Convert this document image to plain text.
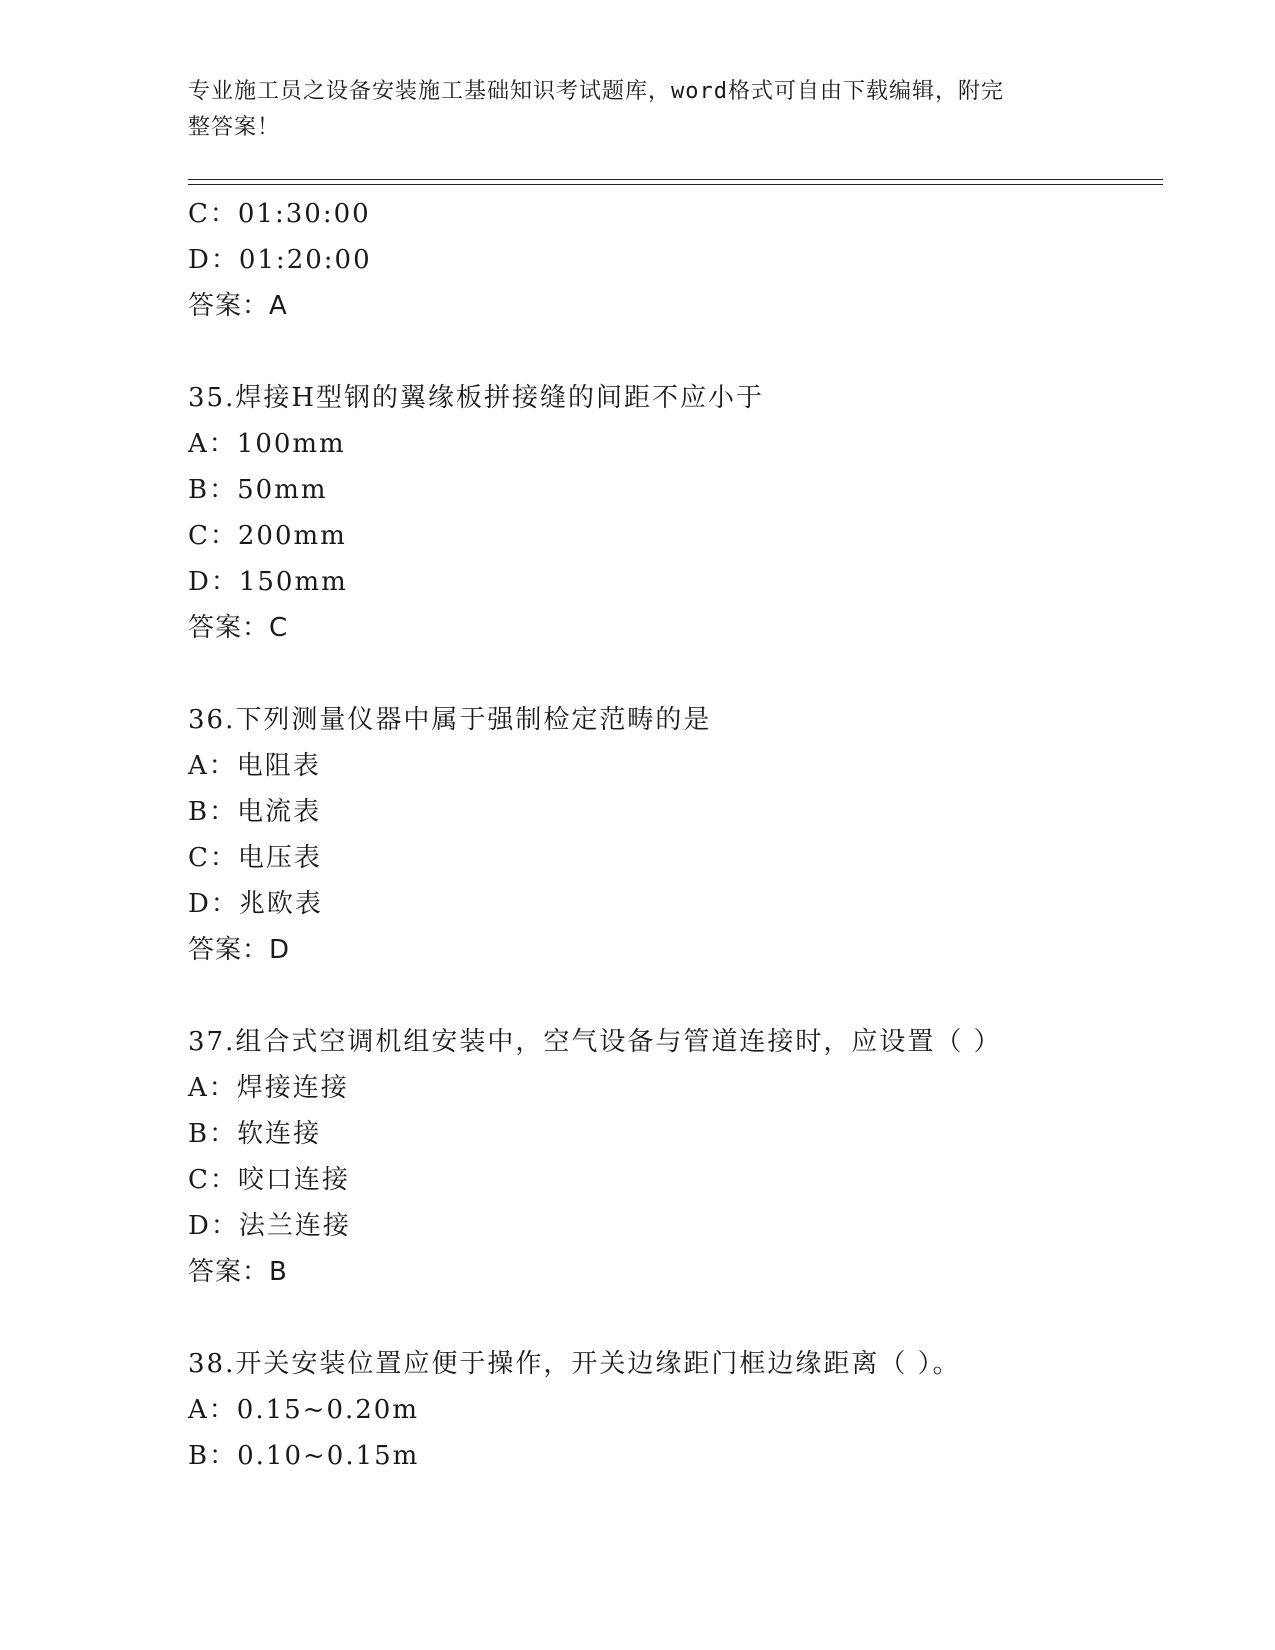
专业施工员之设备安装施工基础知识考试题库，word格式可自由下载编辑，附完
整答案！
C：01:30:00
D：01:20:00
答案：A
35.焊接H型钢的翼缘板拼接缝的间距不应小于
A：100mm
B：50mm
C：200mm
D：150mm
答案：C
36.下列测量仪器中属于强制检定范畴的是
A：电阻表
B：电流表
C：电压表
D：兆欧表
答案：D
37.组合式空调机组安装中，空气设备与管道连接时，应设置（ ）
A：焊接连接
B：软连接
C：咬口连接
D：法兰连接
答案：B
38.开关安装位置应便于操作，开关边缘距门框边缘距离（ ）。
A：0.15~0.20m
B：0.10~0.15m
